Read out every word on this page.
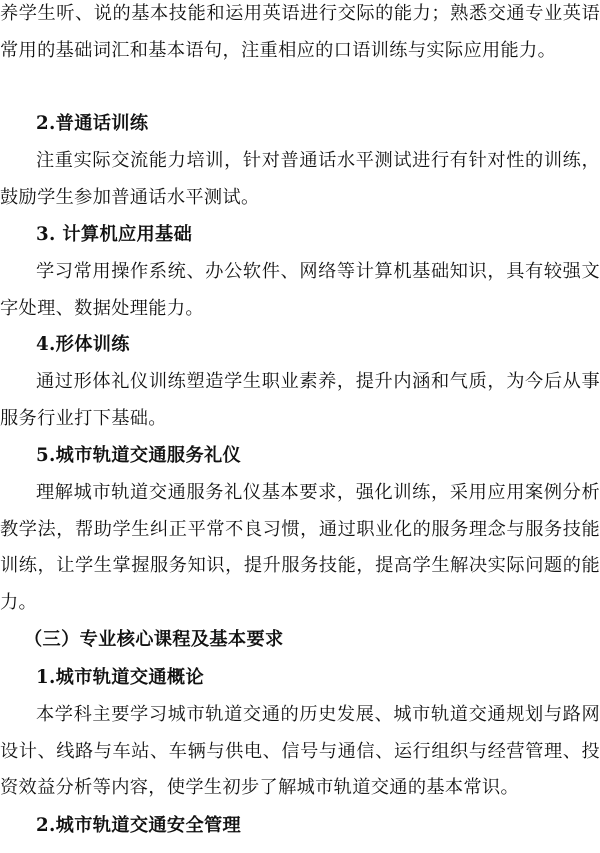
养学生听、说的基本技能和运用英语进行交际的能力；熟悉交通专业英语常用的基础词汇和基本语句，注重相应的口语训练与实际应用能力。

2.普通话训练

注重实际交流能力培训，针对普通话水平测试进行有针对性的训练，鼓励学生参加普通话水平测试。

3. 计算机应用基础

学习常用操作系统、办公软件、网络等计算机基础知识，具有较强文字处理、数据处理能力。

4.形体训练

通过形体礼仪训练塑造学生职业素养，提升内涵和气质，为今后从事服务行业打下基础。

5.城市轨道交通服务礼仪

理解城市轨道交通服务礼仪基本要求，强化训练，采用应用案例分析教学法，帮助学生纠正平常不良习惯，通过职业化的服务理念与服务技能训练，让学生掌握服务知识，提升服务技能，提高学生解决实际问题的能力。

（三）专业核心课程及基本要求
1.城市轨道交通概论

本学科主要学习城市轨道交通的历史发展、城市轨道交通规划与路网设计、线路与车站、车辆与供电、信号与通信、运行组织与经营管理、投资效益分析等内容，使学生初步了解城市轨道交通的基本常识。

2.城市轨道交通安全管理
